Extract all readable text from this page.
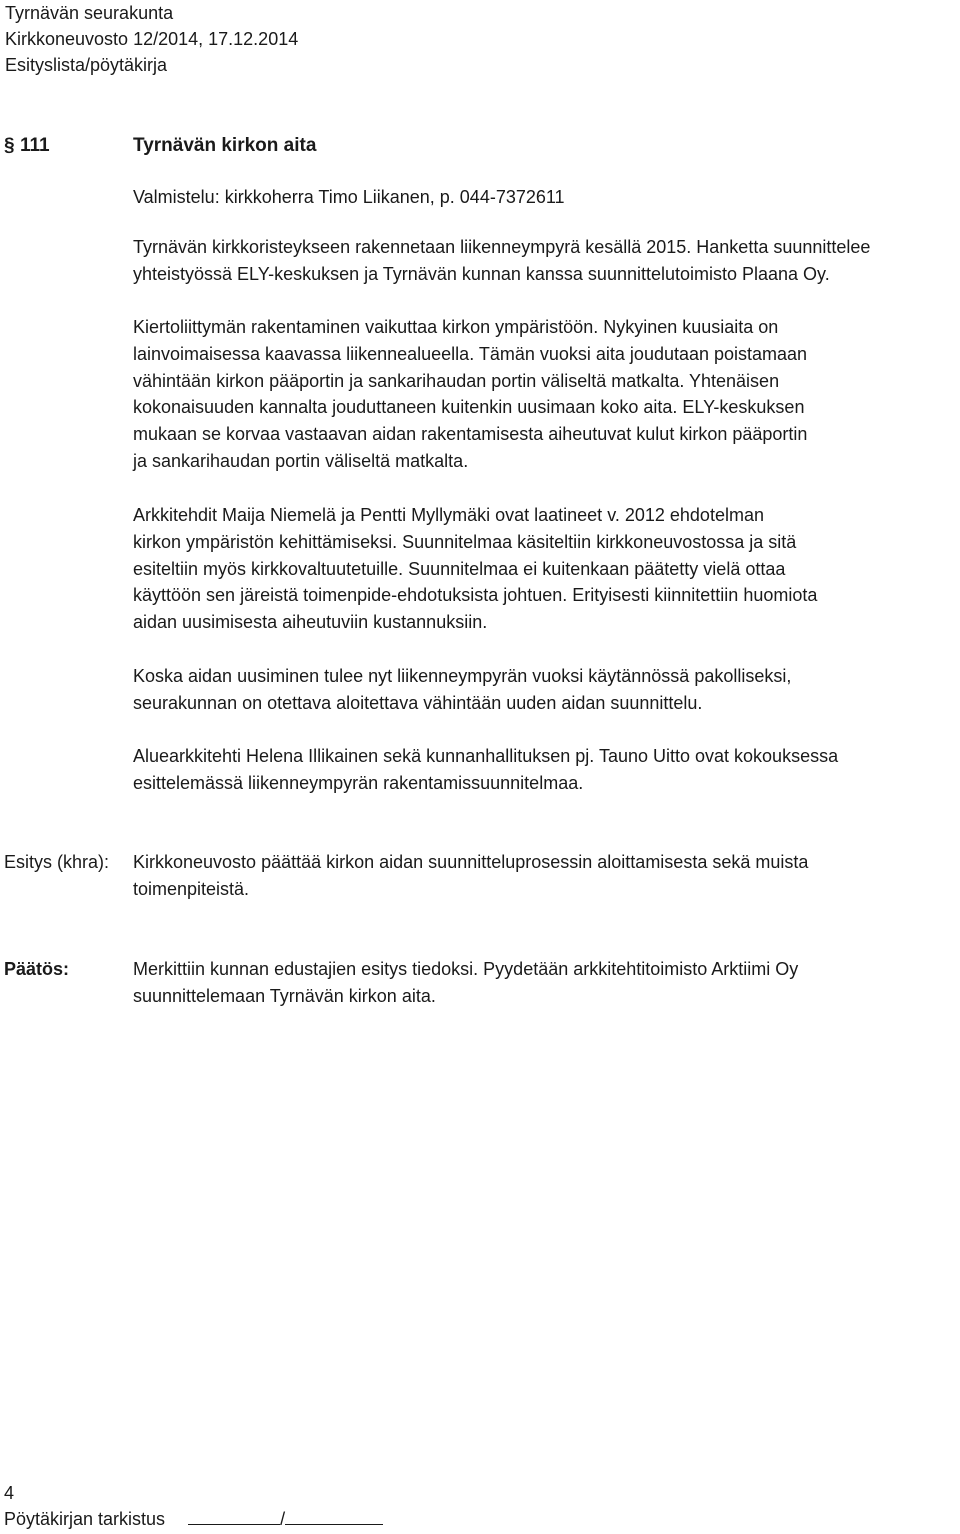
Tyrnävän seurakunta
Kirkkoneuvosto 12/2014, 17.12.2014
Esityslista/pöytäkirja
§ 111	Tyrnävän kirkon aita
Valmistelu: kirkkoherra Timo Liikanen, p. 044-7372611
Tyrnävän kirkkoristeykseen rakennetaan liikenneympyrä kesällä 2015. Hanketta suunnittelee
yhteistyössä ELY-keskuksen ja Tyrnävän kunnan kanssa suunnittelutoimisto Plaana Oy.
Kiertoliittymän rakentaminen vaikuttaa kirkon ympäristöön. Nykyinen kuusiaita on
lainvoimaisessa kaavassa liikennealueella. Tämän vuoksi aita joudutaan poistamaan
vähintään kirkon pääportin ja sankarihaudan portin väliseltä matkalta. Yhtenäisen
kokonaisuuden kannalta jouduttaneen kuitenkin uusimaan koko aita. ELY-keskuksen
mukaan se korvaa vastaavan aidan rakentamisesta aiheutuvat kulut kirkon pääportin
ja sankarihaudan portin väliseltä matkalta.
Arkkitehdit Maija Niemelä ja Pentti Myllymäki ovat laatineet v. 2012 ehdotelman
kirkon ympäristön kehittämiseksi. Suunnitelmaa käsiteltiin kirkkoneuvostossa ja sitä
esiteltiin myös kirkkovaltuutetuille. Suunnitelmaa ei kuitenkaan päätetty vielä ottaa
käyttöön sen järeistä toimenpide-ehdotuksista johtuen. Erityisesti kiinnitettiin huomiota
aidan uusimisesta aiheutuviin kustannuksiin.
Koska aidan uusiminen tulee nyt liikenneympyrän vuoksi käytännössä pakolliseksi,
seurakunnan on otettava aloitettava vähintään uuden aidan suunnittelu.
Aluearkkitehti Helena Illikainen sekä kunnanhallituksen pj. Tauno Uitto ovat kokouksessa
esittelemässä liikenneympyrän rakentamissuunnitelmaa.
Esitys (khra): Kirkkoneuvosto päättää kirkon aidan suunnitteluprosessin aloittamisesta sekä muista
toimenpiteistä.
Päätös:	Merkittiin kunnan edustajien esitys tiedoksi. Pyydetään arkkitehtitoimisto Arktiimi Oy
suunnittelemaan Tyrnävän kirkon aita.
4
Pöytäkirjan tarkistus	/
